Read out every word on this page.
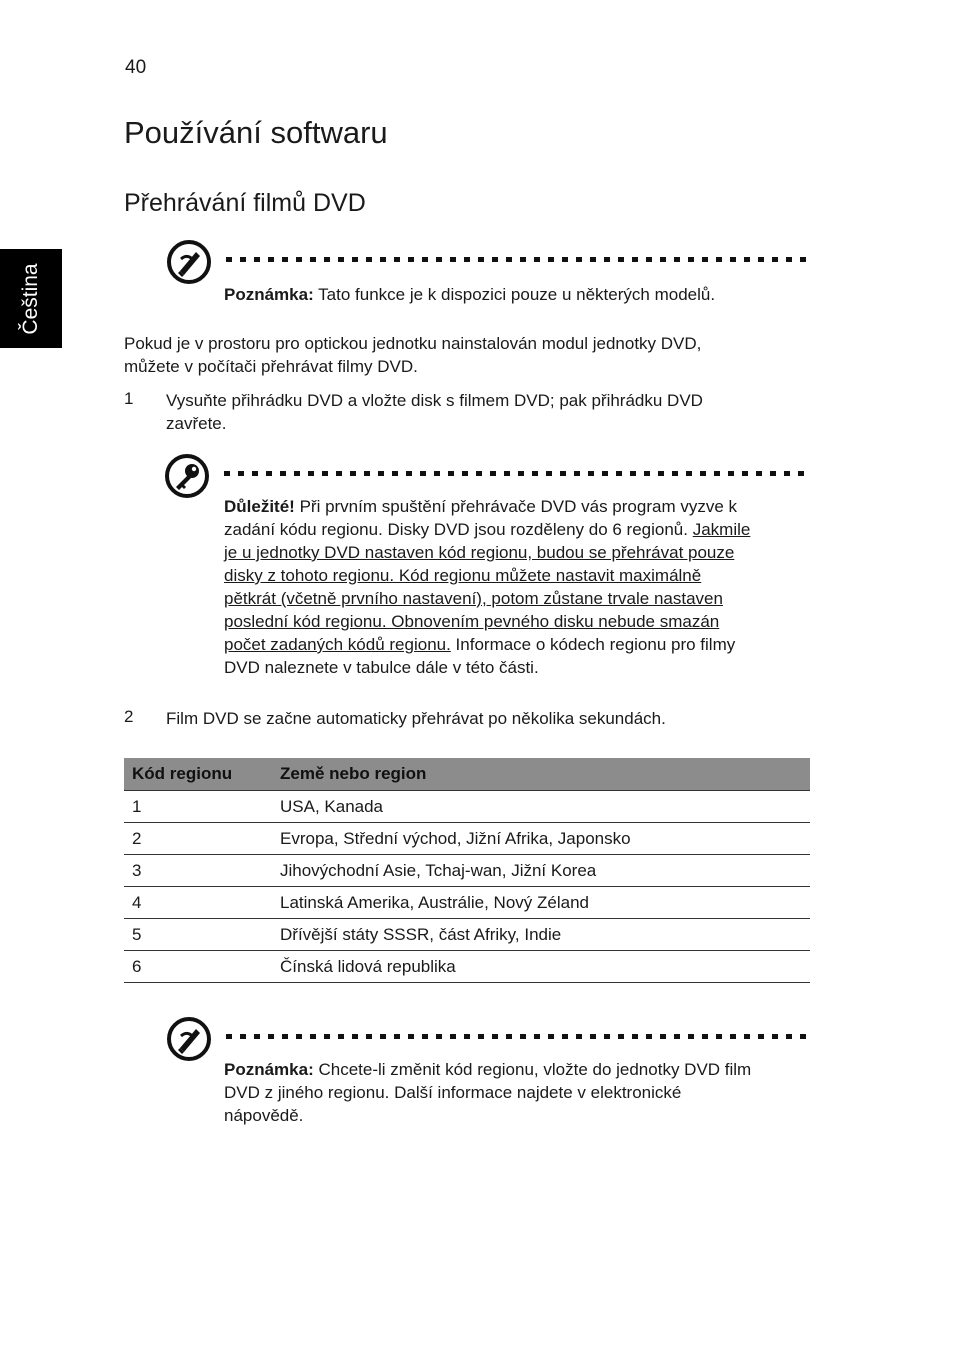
40
Používání softwaru
Přehrávání filmů DVD
Čeština	Poznámka: Tato funkce je k dispozici pouze u některých modelů.
Pokud je v prostoru pro optickou jednotku nainstalován modul jednotky DVD,
můžete v počítači přehrávat filmy DVD.
1 Vysuňte přihrádku DVD a vložte disk s filmem DVD; pak přihrádku DVD
zavřete.
Důležité! Při prvním spuštění přehrávače DVD vás program vyzve k
zadání kódu regionu. Disky DVD jsou rozděleny do 6 regionů. Jakmile
je u jednotky DVD nastaven kód regionu, budou se přehrávat pouze
disky z tohoto regionu. Kód regionu můžete nastavit maximálně
pětkrát (včetně prvního nastavení), potom zůstane trvale nastaven
poslední kód regionu. Obnovením pevného disku nebude smazán
počet zadaných kódů regionu. Informace o kódech regionu pro filmy
DVD naleznete v tabulce dále v této části.
2 Film DVD se začne automaticky přehrávat po několika sekundách.
Kód regionu	Země nebo region
1	USA, Kanada
2	Evropa, Střední východ, Jižní Afrika, Japonsko
3	Jihovýchodní Asie, Tchaj-wan, Jižní Korea
4	Latinská Amerika, Austrálie, Nový Zéland
5	Dřívější státy SSSR, část Afriky, Indie
6	Čínská lidová republika
Poznámka: Chcete-li změnit kód regionu, vložte do jednotky DVD film
DVD z jiného regionu. Další informace najdete v elektronické
nápovědě.
